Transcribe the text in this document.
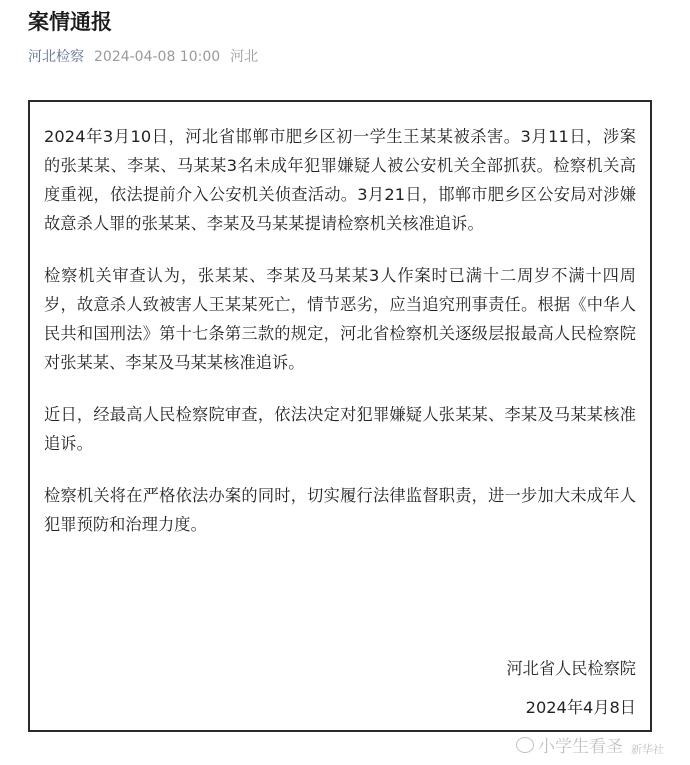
案情通报
河北检察 2024-04-08 10:00 河北

2024年3月10日，河北省邯郸市肥乡区初一学生王某某被杀害。3月11日，涉案的张某某、李某、马某某3名未成年犯罪嫌疑人被公安机关全部抓获。检察机关高度重视，依法提前介入公安机关侦查活动。3月21日，邯郸市肥乡区公安局对涉嫌故意杀人罪的张某某、李某及马某某提请检察机关核准追诉。

检察机关审查认为，张某某、李某及马某某3人作案时已满十二周岁不满十四周岁，故意杀人致被害人王某某死亡，情节恶劣，应当追究刑事责任。根据《中华人民共和国刑法》第十七条第三款的规定，河北省检察机关逐级层报最高人民检察院对张某某、李某及马某某核准追诉。

近日，经最高人民检察院审查，依法决定对犯罪嫌疑人张某某、李某及马某某核准追诉。

检察机关将在严格依法办案的同时，切实履行法律监督职责，进一步加大未成年人犯罪预防和治理力度。

河北省人民检察院
2024年4月8日
小学生看圣 新华社
